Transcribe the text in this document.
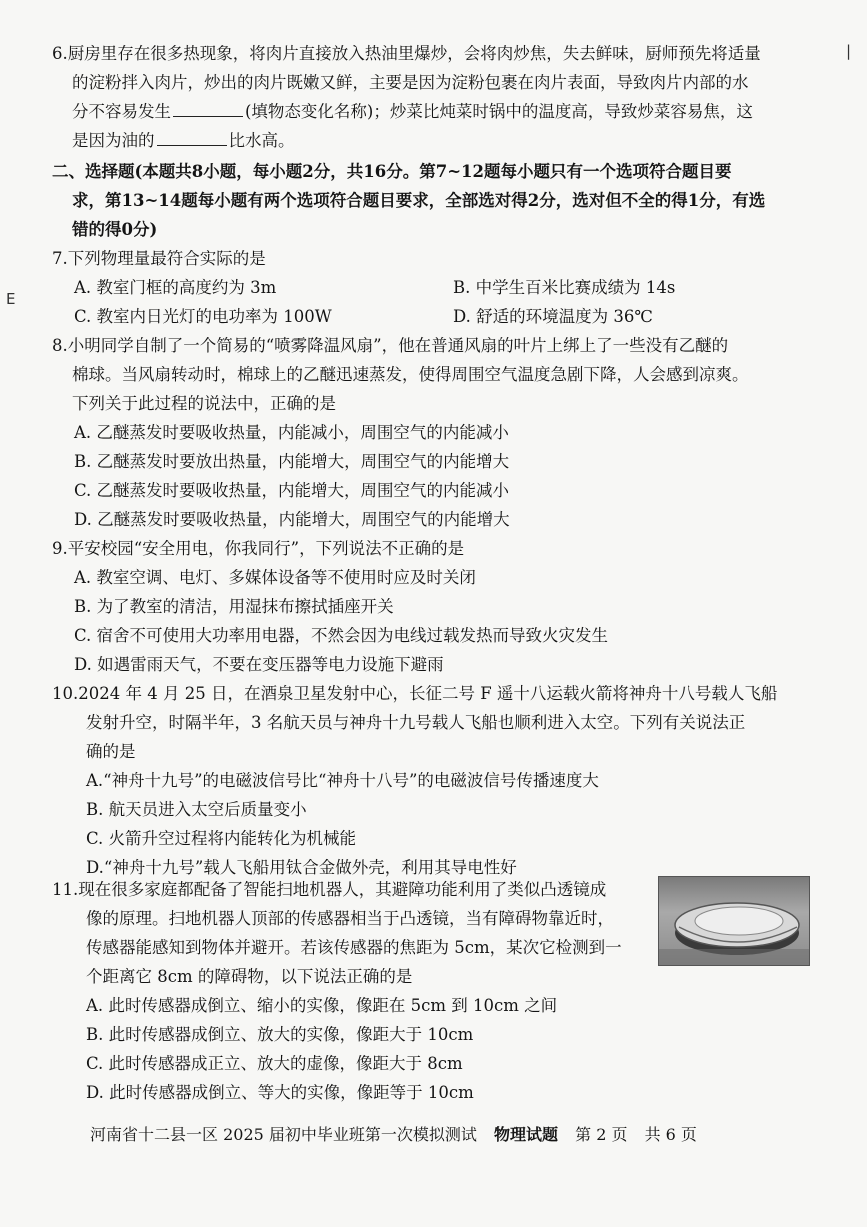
E
|
6.厨房里存在很多热现象，将肉片直接放入热油里爆炒，会将肉炒焦，失去鲜味，厨师预先将适量
的淀粉拌入肉片，炒出的肉片既嫩又鲜，主要是因为淀粉包裹在肉片表面，导致肉片内部的水
分不容易发生	(填物态变化名称)；炒菜比炖菜时锅中的温度高，导致炒菜容易焦，这
是因为油的	比水高。
二、选择题(本题共8小题，每小题2分，共16分。第7~12题每小题只有一个选项符合题目要
求，第13~14题每小题有两个选项符合题目要求，全部选对得2分，选对但不全的得1分，有选
错的得0分)
7.下列物理量最符合实际的是
A. 教室门框的高度约为 3m	B. 中学生百米比赛成绩为 14s
C. 教室内日光灯的电功率为 100W	D. 舒适的环境温度为 36℃
8.小明同学自制了一个简易的“喷雾降温风扇”，他在普通风扇的叶片上绑上了一些没有乙醚的
棉球。当风扇转动时，棉球上的乙醚迅速蒸发，使得周围空气温度急剧下降，人会感到凉爽。
下列关于此过程的说法中，正确的是
A. 乙醚蒸发时要吸收热量，内能减小，周围空气的内能减小
B. 乙醚蒸发时要放出热量，内能增大，周围空气的内能增大
C. 乙醚蒸发时要吸收热量，内能增大，周围空气的内能减小
D. 乙醚蒸发时要吸收热量，内能增大，周围空气的内能增大
9.平安校园“安全用电，你我同行”，下列说法不正确的是
A. 教室空调、电灯、多媒体设备等不使用时应及时关闭
B. 为了教室的清洁，用湿抹布擦拭插座开关
C. 宿舍不可使用大功率用电器，不然会因为电线过载发热而导致火灾发生
D. 如遇雷雨天气，不要在变压器等电力设施下避雨
10.2024 年 4 月 25 日，在酒泉卫星发射中心，长征二号 F 遥十八运载火箭将神舟十八号载人飞船
发射升空，时隔半年，3 名航天员与神舟十九号载人飞船也顺利进入太空。下列有关说法正
确的是
A.“神舟十九号”的电磁波信号比“神舟十八号”的电磁波信号传播速度大
B. 航天员进入太空后质量变小
C. 火箭升空过程将内能转化为机械能
D.“神舟十九号”载人飞船用钛合金做外壳，利用其导电性好
11.现在很多家庭都配备了智能扫地机器人，其避障功能利用了类似凸透镜成
像的原理。扫地机器人顶部的传感器相当于凸透镜，当有障碍物靠近时，
传感器能感知到物体并避开。若该传感器的焦距为 5cm，某次它检测到一
个距离它 8cm 的障碍物，以下说法正确的是
A. 此时传感器成倒立、缩小的实像，像距在 5cm 到 10cm 之间
B. 此时传感器成倒立、放大的实像，像距大于 10cm
C. 此时传感器成正立、放大的虚像，像距大于 8cm
D. 此时传感器成倒立、等大的实像，像距等于 10cm
河南省十二县一区 2025 届初中毕业班第一次模拟测试 物理试题 第 2 页 共 6 页
